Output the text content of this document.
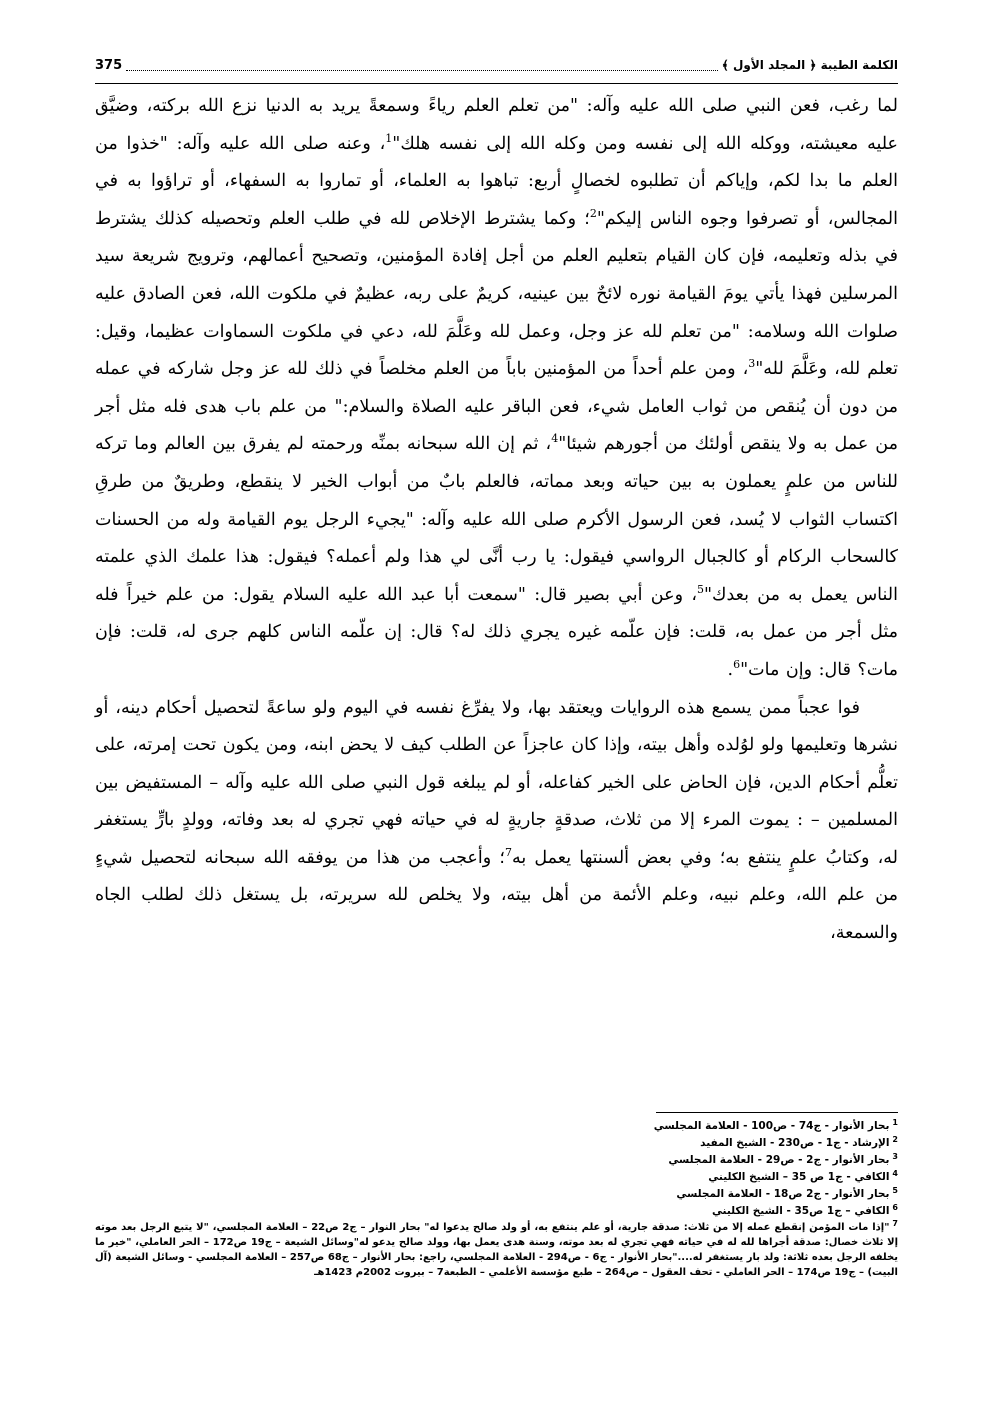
الكلمة الطيبة ﴿ المجلد الأول ﴾
375

لما رغب، فعن النبي صلى الله عليه وآله: "من تعلم العلم رياءً وسمعةً يريد به الدنيا نزع الله بركته، وضيَّق عليه معيشته، ووكله الله إلى نفسه ومن وكله الله إلى نفسه هلك"$^1$، وعنه صلى الله عليه وآله: "خذوا من العلم ما بدا لكم، وإياكم أن تطلبوه لخصالٍ أربع: تباهوا به العلماء، أو تماروا به السفهاء، أو تراؤوا به في المجالس، أو تصرفوا وجوه الناس إليكم"$^2$؛ وكما يشترط الإخلاص لله في طلب العلم وتحصيله كذلك يشترط في بذله وتعليمه، فإن كان القيام بتعليم العلم من أجل إفادة المؤمنين، وتصحيح أعمالهم، وترويج شريعة سيد المرسلين فهذا يأتي يومَ القيامة نوره لائحٌ بين عينيه، كريمٌ على ربه، عظيمٌ في ملكوت الله، فعن الصادق عليه صلوات الله وسلامه: "من تعلم لله عز وجل، وعمل لله وعَلَّمَ لله، دعي في ملكوت السماوات عظيما، وقيل: تعلم لله، وعَلَّمَ لله"$^3$، ومن علم أحداً من المؤمنين باباً من العلم مخلصاً في ذلك لله عز وجل شاركه في عمله من دون أن يُنقص من ثواب العامل شيء، فعن الباقر عليه الصلاة والسلام:" من علم باب هدى فله مثل أجر من عمل به ولا ينقص أولئك من أجورهم شيئا"$^4$، ثم إن الله سبحانه بمنِّه ورحمته لم يفرق بين العالم وما تركه للناس من علمٍ يعملون به بين حياته وبعد مماته، فالعلم بابٌ من أبواب الخير لا ينقطع، وطريقٌ من طرقِ اكتساب الثواب لا يُسد، فعن الرسول الأكرم صلى الله عليه وآله: "يجيء الرجل يوم القيامة وله من الحسنات كالسحاب الركام أو كالجبال الرواسي فيقول: يا رب أنَّى لي هذا ولم أعمله؟ فيقول: هذا علمك الذي علمته الناس يعمل به من بعدك"$^5$، وعن أبي بصير قال: "سمعت أبا عبد الله عليه السلام يقول: من علم خيراً فله مثل أجر من عمل به، قلت: فإن علّمه غيره يجري ذلك له؟ قال: إن علّمه الناس كلهم جرى له، قلت: فإن مات؟ قال: وإن مات"$^6$.

فوا عجباً ممن يسمع هذه الروايات ويعتقد بها، ولا يفرِّغ نفسه في اليوم ولو ساعةً لتحصيل أحكام دينه، أو نشرها وتعليمها ولو لوُلده وأهل بيته، وإذا كان عاجزاً عن الطلب كيف لا يحض ابنه، ومن يكون تحت إمرته، على تعلُّم أحكام الدين، فإن الحاض على الخير كفاعله، أو لم يبلغه قول النبي صلى الله عليه وآله – المستفيض بين المسلمين – : يموت المرء إلا من ثلاث، صدقةٍ جاريةٍ له في حياته فهي تجري له بعد وفاته، وولدٍ بارٍّ يستغفر له، وكتابُ علمٍ ينتفع به؛ وفي بعض ألسنتها يعمل به$^7$؛ وأعجب من هذا من يوفقه الله سبحانه لتحصيل شيءٍ من علم الله، وعلم نبيه، وعلم الأئمة من أهل بيته، ولا يخلص لله سريرته، بل يستغل ذلك لطلب الجاه والسمعة،

$^1$بحار الأنوار - ج74 - ص100 - العلامة المجلسي
$^2$الإرشاد - ج1 - ص230 - الشيخ المفيد
$^3$بحار الأنوار - ج2 - ص29 - العلامة المجلسي
$^4$الكافي - ج1 ص 35 – الشيخ الكليني
$^5$بحار الأنوار - ج2 ص18 - العلامة المجلسي
$^6$الكافي – ج1 ص35 - الشيخ الكليني
$^7$"إذا مات المؤمن إنقطع عمله إلا من ثلاث: صدقة جارية، أو علم ينتفع به، أو ولد صالح يدعوا له" بحار النوار – ج2 ص22 – العلامة المجلسي، "لا يتبع الرجل بعد موته إلا ثلاث خصال: صدقة أجراها لله له في حياته فهي تجري له بعد موته، وسنة هدى يعمل بها، وولد صالح يدعو له"وسائل الشيعة – ج19 ص172 – الحر العاملي، "خير ما يخلفه الرجل بعده ثلاثة: ولد بار يستغفر له...."بحار الأنوار - ج6 - ص294 - العلامة المجلسي، راجع: بحار الأنوار – ج68 ص257 – العلامة المجلسي - وسائل الشيعة (آل البيت) – ج19 ص174 – الحر العاملي - تحف العقول – ص264 – طبع مؤسسة الأعلمي – الطبعة7 – بيروت 2002م 1423هـ
